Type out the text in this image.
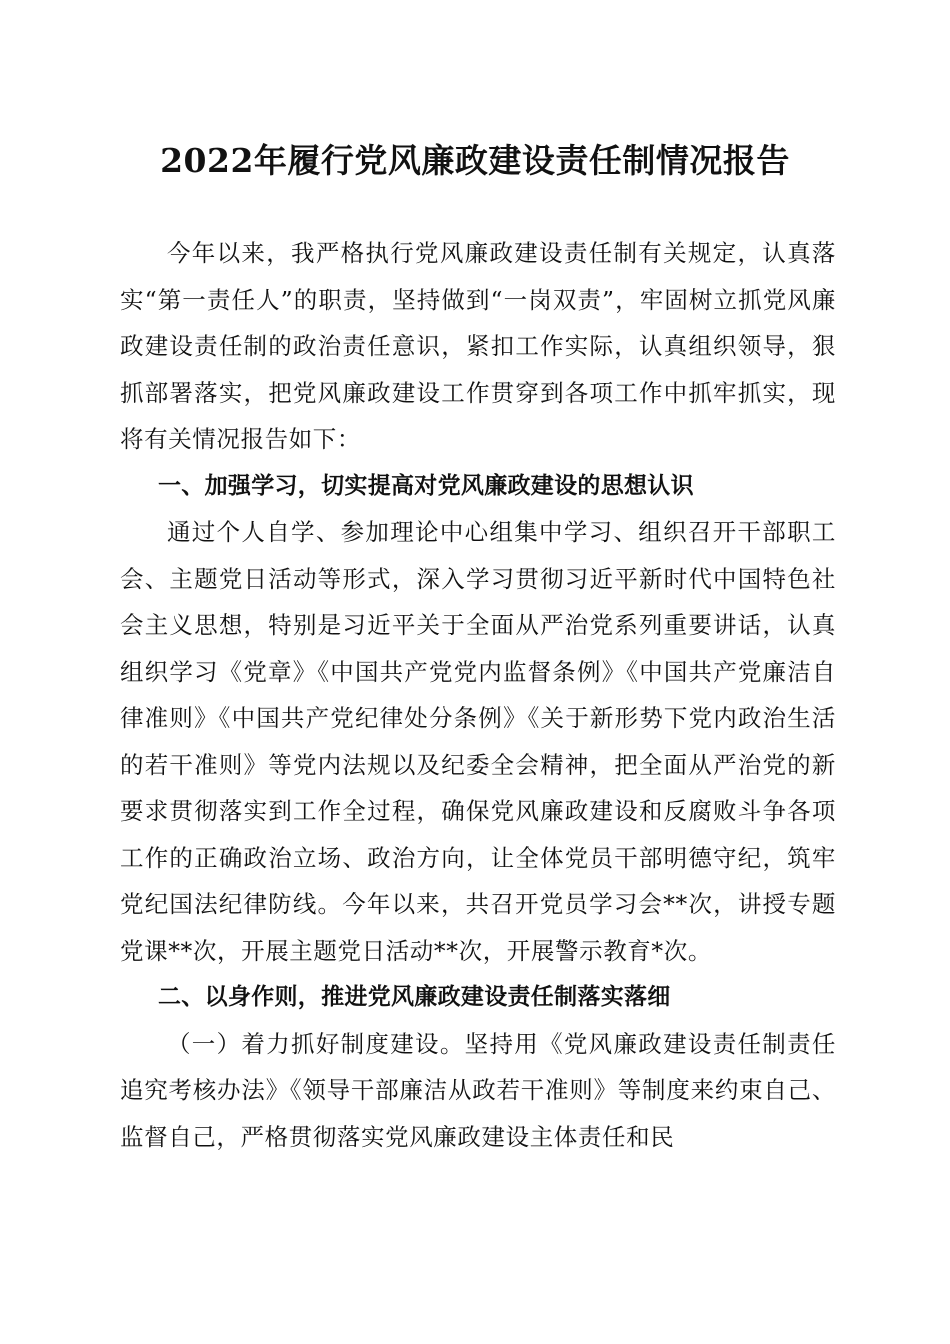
2022年履行党风廉政建设责任制情况报告

今年以来，我严格执行党风廉政建设责任制有关规定，认真落实“第一责任人”的职责，坚持做到“一岗双责”，牢固树立抓党风廉政建设责任制的政治责任意识，紧扣工作实际，认真组织领导，狠抓部署落实，把党风廉政建设工作贯穿到各项工作中抓牢抓实，现将有关情况报告如下：

一、加强学习，切实提高对党风廉政建设的思想认识

通过个人自学、参加理论中心组集中学习、组织召开干部职工会、主题党日活动等形式，深入学习贯彻习近平新时代中国特色社会主义思想，特别是习近平关于全面从严治党系列重要讲话，认真组织学习《党章》《中国共产党党内监督条例》《中国共产党廉洁自律准则》《中国共产党纪律处分条例》《关于新形势下党内政治生活的若干准则》等党内法规以及纪委全会精神，把全面从严治党的新要求贯彻落实到工作全过程，确保党风廉政建设和反腐败斗争各项工作的正确政治立场、政治方向，让全体党员干部明德守纪，筑牢党纪国法纪律防线。今年以来，共召开党员学习会**次，讲授专题党课**次，开展主题党日活动**次，开展警示教育*次。

二、以身作则，推进党风廉政建设责任制落实落细

（一）着力抓好制度建设。坚持用《党风廉政建设责任制责任追究考核办法》《领导干部廉洁从政若干准则》等制度来约束自己、监督自己，严格贯彻落实党风廉政建设主体责任和民
